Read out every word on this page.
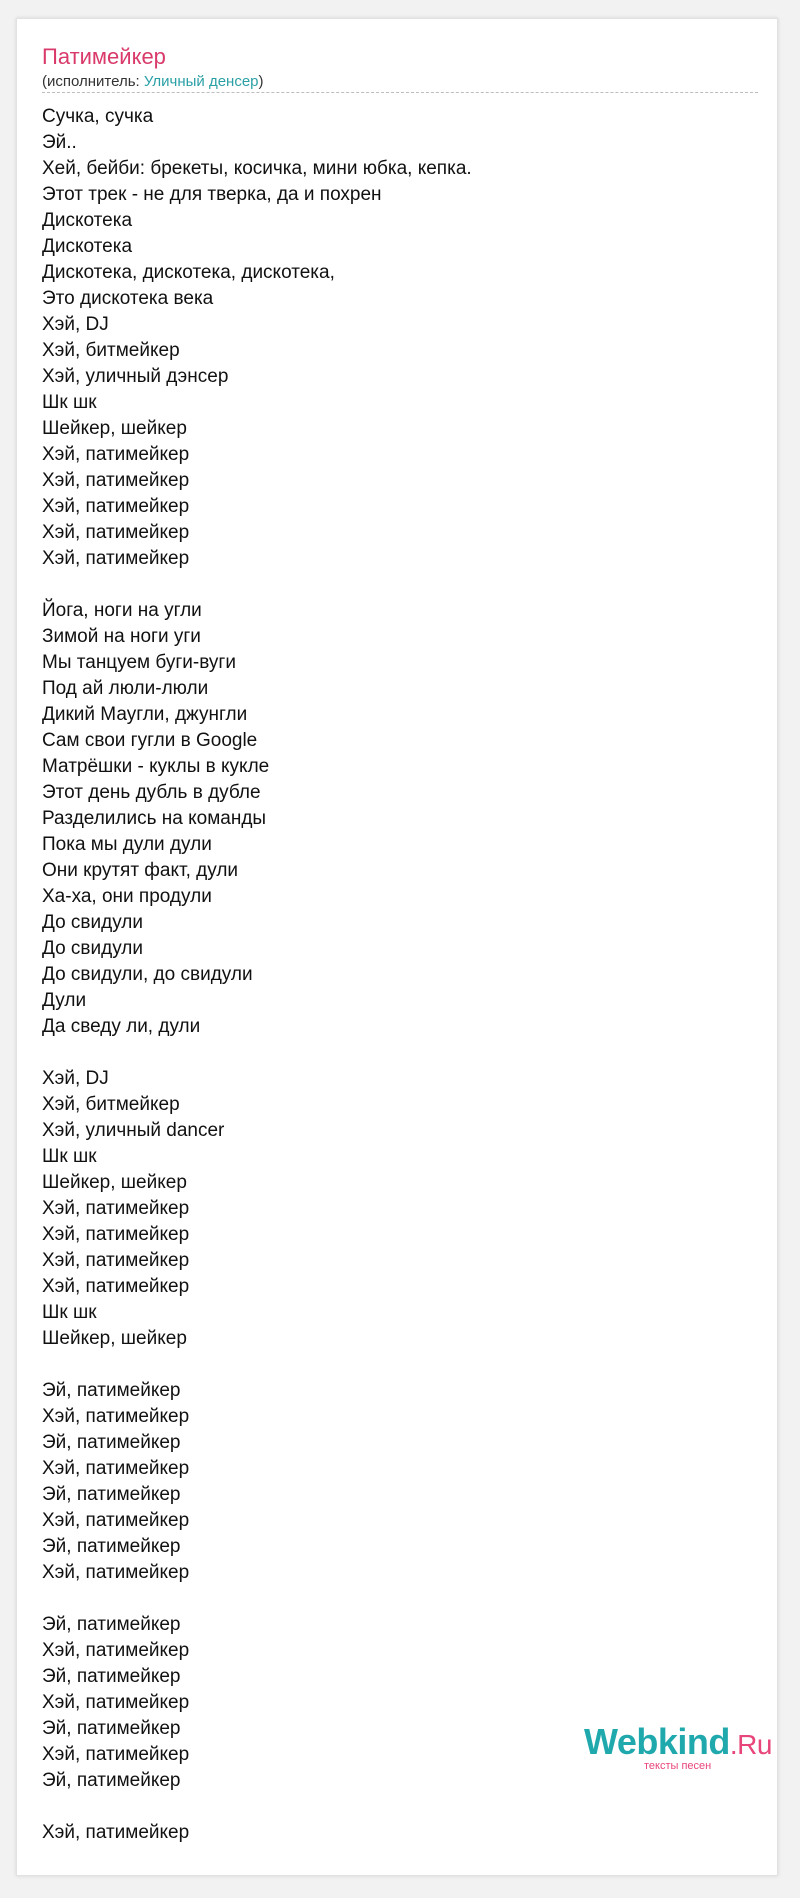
Патимейкер
(исполнитель: Уличный денсер)
Сучка, сучка
Эй..
Хей, бейби: брекеты, косичка, мини юбка, кепка.
Этот трек - не для тверка, да и похрен
Дискотека
Дискотека
Дискотека, дискотека, дискотека,
Это дискотека века
Хэй, DJ
Хэй, битмейкер
Хэй, уличный дэнсер
Шк шк
Шейкер, шейкер
Хэй, патимейкер
Хэй, патимейкер
Хэй, патимейкер
Хэй, патимейкер
Хэй, патимейкер
Йога, ноги на угли
Зимой на ноги уги
Мы танцуем буги-вуги
Под ай люли-люли
Дикий Маугли, джунгли
Сам свои гугли в Google
Матрёшки - куклы в кукле
Этот день дубль в дубле
Разделились на команды
Пока мы дули дули
Они крутят факт, дули
Ха-ха, они продули
До свидули
До свидули
До свидули, до свидули
Дули
Да сведу ли, дули
Хэй, DJ
Хэй, битмейкер
Хэй, уличный dancer
Шк шк
Шейкер, шейкер
Хэй, патимейкер
Хэй, патимейкер
Хэй, патимейкер
Хэй, патимейкер
Шк шк
Шейкер, шейкер
Эй, патимейкер
Хэй, патимейкер
Эй, патимейкер
Хэй, патимейкер
Эй, патимейкер
Хэй, патимейкер
Эй, патимейкер
Хэй, патимейкер
Эй, патимейкер
Хэй, патимейкер
Эй, патимейкер
Хэй, патимейкер
Эй, патимейкер
Хэй, патимейкер
Эй, патимейкер
Хэй, патимейкер
Webkind.Ru
тексты песен
